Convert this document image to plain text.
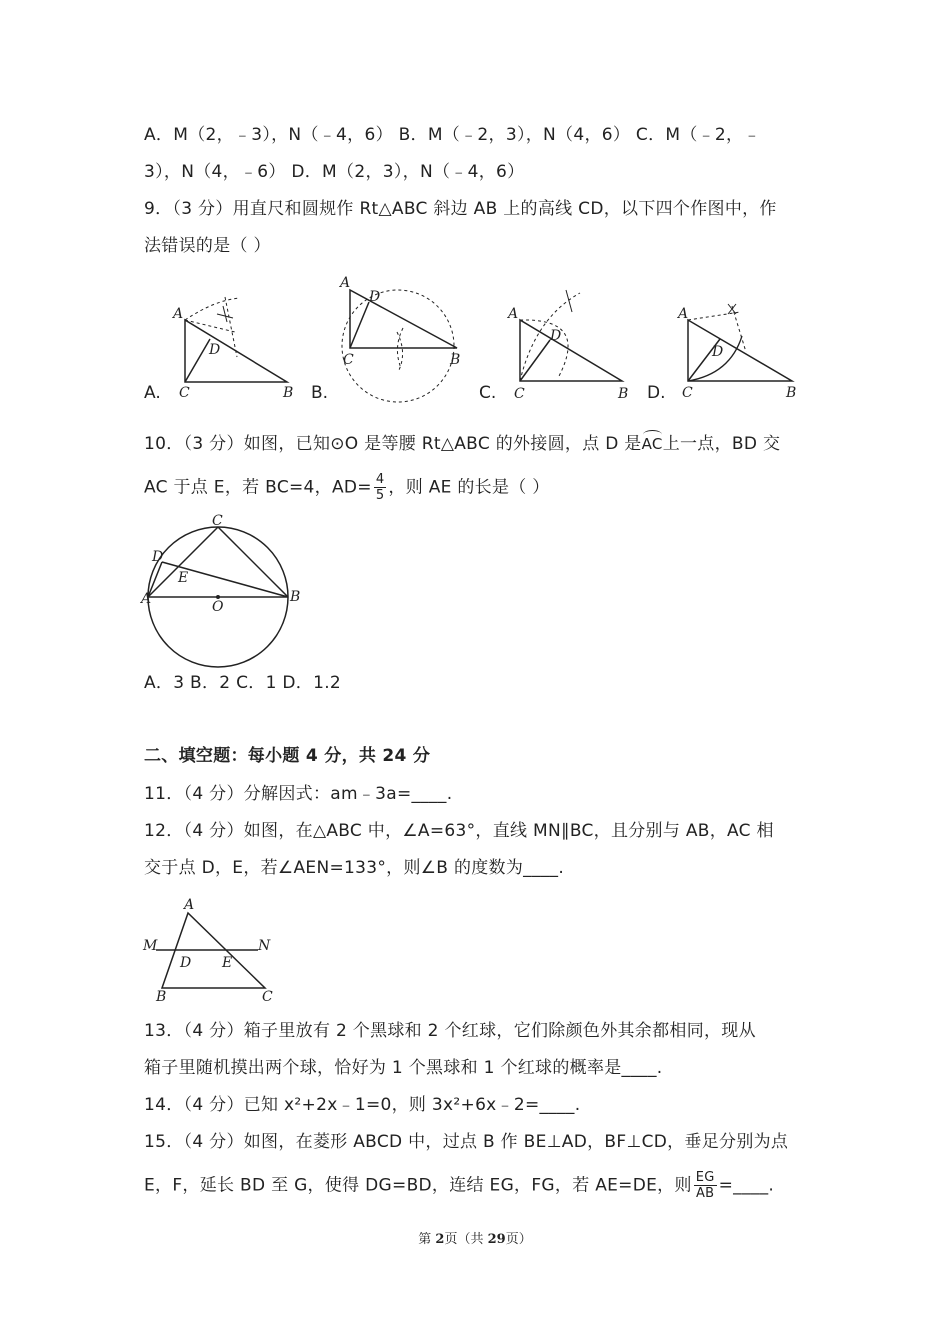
A．M（2，﹣3），N（﹣4，6） B．M（﹣2，3），N（4，6） C．M（﹣2，﹣
3），N（4，﹣6） D．M（2，3），N（﹣4，6）
9．（3 分）用直尺和圆规作 Rt△ABC 斜边 AB 上的高线 CD，以下四个作图中，作
法错误的是（ ）
A
C	B
D
A.
A
C	B
D
B.
A
C	B
D
C.
A
C	B
D
D.
10．（3 分）如图，已知⊙O 是等腰 Rt△ABC 的外接圆，点 D 是AC上一点，BD 交
AC 于点 E，若 BC=4，$AD= \frac{4}{5}$ ，则 AE 的长是（ ）
C
D
E
A	B
O
A．3 B．2 C．1 D．1.2
二、填空题：每小题 4 分，共 24 分
11．（4 分）分解因式：am﹣3a=____.
12．（4 分）如图，在△ABC 中，∠A=63°，直线 MN∥BC，且分别与 AB，AC 相
交于点 D，E，若∠AEN=133°，则∠B 的度数为____.
A
M	N
D E
B	C
13．（4 分）箱子里放有 2 个黑球和 2 个红球，它们除颜色外其余都相同，现从
箱子里随机摸出两个球，恰好为 1 个黑球和 1 个红球的概率是____.
14．（4 分）已知 x²+2x﹣1=0，则 3x²+6x﹣2=____.
15．（4 分）如图，在菱形 ABCD 中，过点 B 作 BE⊥AD，BF⊥CD，垂足分别为点
E，F，延长 BD 至 G，使得 DG=BD，连结 EG，FG，若 AE=DE，则 $\frac{EG}{AB}$ =____.
第 2页（共 29页）
